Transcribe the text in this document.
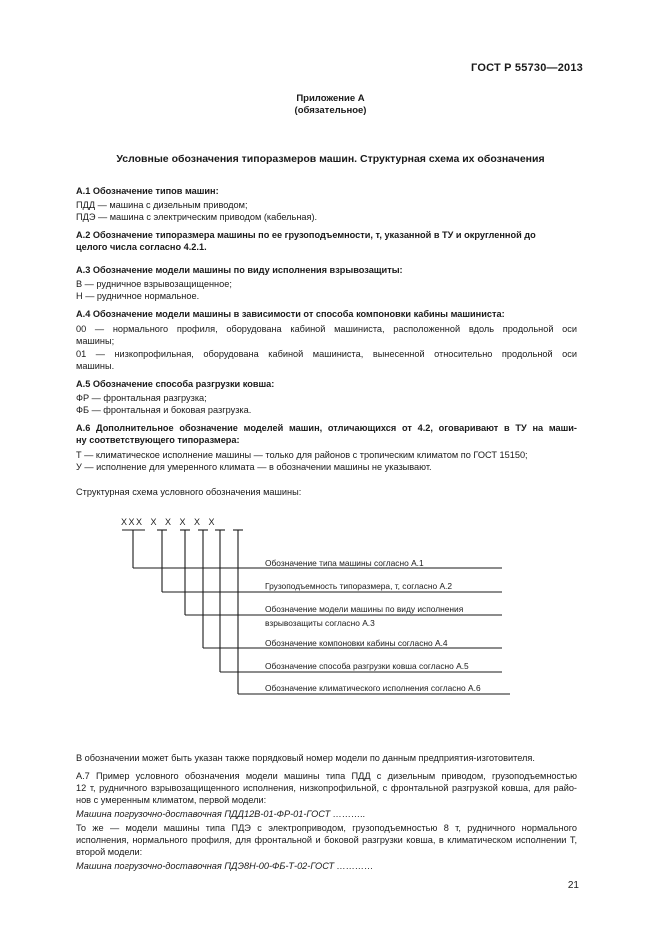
ГОСТ Р 55730—2013
Приложение А
(обязательное)
Условные обозначения типоразмеров машин. Структурная схема их обозначения
А.1 Обозначение типов машин:
ПДД — машина с дизельным приводом;
ПДЭ — машина с электрическим приводом (кабельная).
А.2 Обозначение типоразмера машины по ее грузоподъемности, т, указанной в ТУ и округленной до
целого числа согласно 4.2.1.
А.3 Обозначение модели машины по виду исполнения взрывозащиты:
В — рудничное взрывозащищенное;
Н — рудничное нормальное.
А.4 Обозначение модели машины в зависимости от способа компоновки кабины машиниста:
00 — нормального профиля, оборудована кабиной машиниста, расположенной вдоль продольной оси
машины;
01 — низкопрофильная, оборудована кабиной машиниста, вынесенной относительно продольной оси
машины.
А.5 Обозначение способа разгрузки ковша:
ФР — фронтальная разгрузка;
ФБ — фронтальная и боковая разгрузка.
А.6 Дополнительное обозначение моделей машин, отличающихся от 4.2, оговаривают в ТУ на маши-
ну соответствующего типоразмера:
Т — климатическое исполнение машины — только для районов с тропическим климатом по ГОСТ 15150;
У — исполнение для умеренного климата — в обозначении машины не указывают.
Структурная схема условного обозначения машины:
ХХХ Х Х Х Х Х
Обозначение типа машины согласно А.1
Грузоподъемность типоразмера, т, согласно А.2
Обозначение модели машины по виду исполнения
взрывозащиты согласно А.3
Обозначение компоновки кабины согласно А.4
Обозначение способа разгрузки ковша согласно А.5
Обозначение климатического исполнения согласно А.6
В обозначении может быть указан также порядковый номер модели по данным предприятия-изготовителя.
А.7 Пример условного обозначения модели машины типа ПДД с дизельным приводом, грузоподъемностью
12 т, рудничного взрывозащищенного исполнения, низкопрофильной, с фронтальной разгрузкой ковша, для райо-
нов с умеренным климатом, первой модели:
Машина погрузочно-доставочная ПДД12В-01-ФР-01-ГОСТ ………..
То же — модели машины типа ПДЭ с электроприводом, грузоподъемностью 8 т, рудничного нормального
исполнения, нормального профиля, для фронтальной и боковой разгрузки ковша, в климатическом исполнении Т,
второй модели:
Машина погрузочно-доставочная ПДЭ8Н-00-ФБ-Т-02-ГОСТ …………
21
